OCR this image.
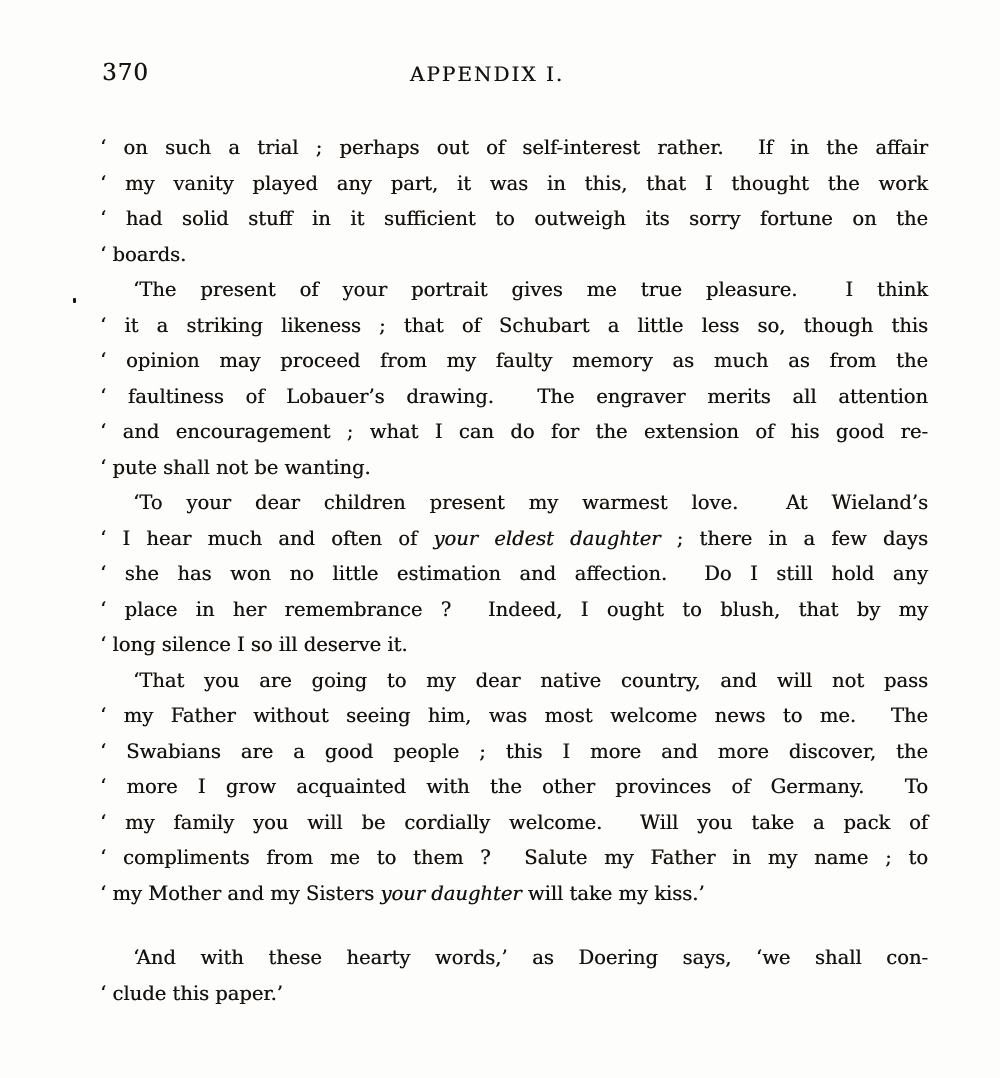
370	APPENDIX I.
‘ on such a trial ; perhaps out of self-interest rather.  If in the affair
‘ my vanity played any part, it was in this, that I thought the work
‘ had solid stuff in it sufficient to outweigh its sorry fortune on the
‘ boards.
‘The present of your portrait gives me true pleasure.  I think
‘ it a striking likeness ; that of Schubart a little less so, though this
‘ opinion may proceed from my faulty memory as much as from the
‘ faultiness of Lobauer’s drawing.  The engraver merits all attention
‘ and encouragement ; what I can do for the extension of his good re-
‘ pute shall not be wanting.
‘To your dear children present my warmest love.  At Wieland’s
‘ I hear much and often of your eldest daughter ; there in a few days
‘ she has won no little estimation and affection.  Do I still hold any
‘ place in her remembrance ?  Indeed, I ought to blush, that by my
‘ long silence I so ill deserve it.
‘That you are going to my dear native country, and will not pass
‘ my Father without seeing him, was most welcome news to me.  The
‘ Swabians are a good people ; this I more and more discover, the
‘ more I grow acquainted with the other provinces of Germany.  To
‘ my family you will be cordially welcome.  Will you take a pack of
‘ compliments from me to them ?  Salute my Father in my name ; to
‘ my Mother and my Sisters your daughter will take my kiss.’
‘And with these hearty words,’ as Doering says, ‘we shall con-
‘ clude this paper.’
